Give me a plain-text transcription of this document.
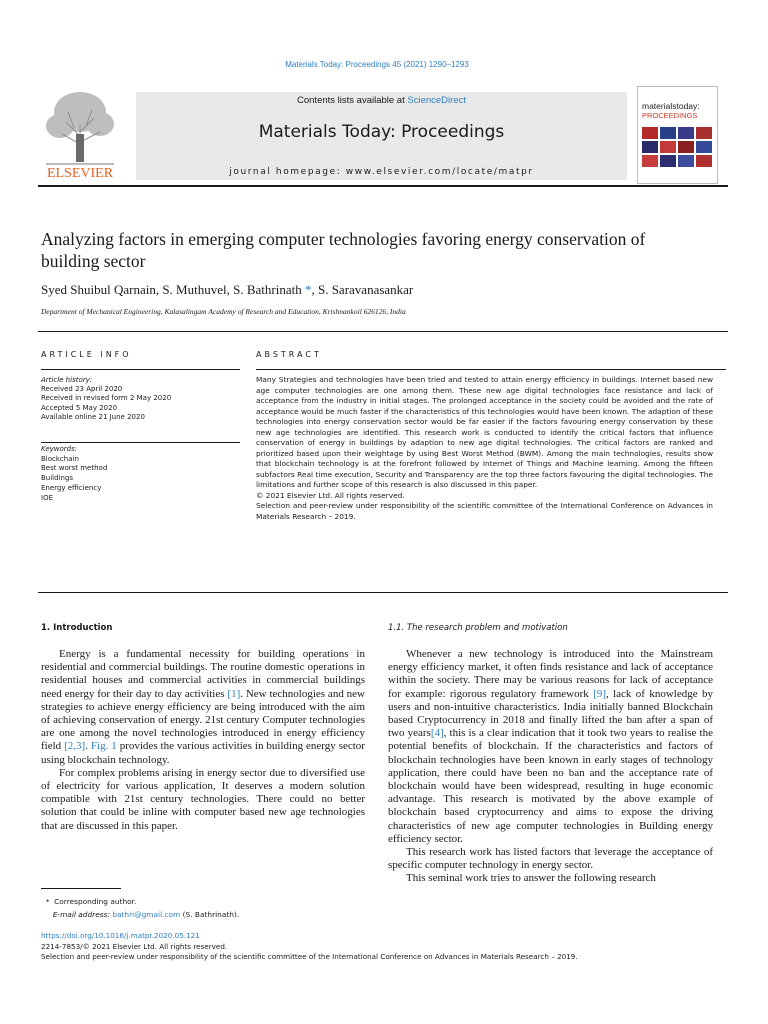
Materials Today: Proceedings 45 (2021) 1290–1293
Contents lists available at ScienceDirect
Materials Today: Proceedings
journal homepage: www.elsevier.com/locate/matpr
ELSEVIER
materialstoday:
PROCEEDINGS
Analyzing factors in emerging computer technologies favoring energy conservation of building sector
Syed Shuibul Qarnain, S. Muthuvel, S. Bathrinath *, S. Saravanasankar
Department of Mechanical Engineering, Kalasalingam Academy of Research and Education, Krishnankoil 626126, India
ARTICLE INFO	ABSTRACT
Article history:
Received 23 April 2020
Received in revised form 2 May 2020
Accepted 5 May 2020
Available online 21 June 2020
Keywords:
Blockchain
Best worst method
Buildings
Energy efficiency
IOE
Many Strategies and technologies have been tried and tested to attain energy efficiency in buildings. Internet based new age computer technologies are one among them. These new age digital technologies face resistance and lack of acceptance from the industry in initial stages. The prolonged acceptance in the society could be avoided and the rate of acceptance would be much faster if the characteristics of this technologies would have been known. The adaption of these technologies into energy conservation sector would be far easier if the factors favouring energy conservation by these new age technologies are identified. This research work is conducted to identify the critical factors that influence conservation of energy in buildings by adaption to new age digital technologies. The critical factors are ranked and prioritized based upon their weightage by using Best Worst Method (BWM). Among the main technologies, results show that blockchain technology is at the forefront followed by Internet of Things and Machine learning. Among the fifteen subfactors Real time execution, Security and Transparency are the top three factors favouring the digital technologies. The limitations and further scope of this research is also discussed in this paper.
© 2021 Elsevier Ltd. All rights reserved.
Selection and peer-review under responsibility of the scientific committee of the International Conference on Advances in Materials Research – 2019.
1. Introduction	1.1. The research problem and motivation

Energy is a fundamental necessity for building operations in residential and commercial buildings. The routine domestic operations in residential houses and commercial activities in commercial buildings need energy for their day to day activities [1]. New technologies and new strategies to achieve energy efficiency are being introduced with the aim of achieving conservation of energy. 21st century Computer technologies are one among the novel technologies introduced in energy efficiency field [2,3]. Fig. 1 provides the various activities in building energy sector using blockchain technology.

For complex problems arising in energy sector due to diversified use of electricity for various application, It deserves a modern solution compatible with 21st century technologies. There could no better solution that could be inline with computer based new age technologies that are discussed in this paper.

Whenever a new technology is introduced into the Mainstream energy efficiency market, it often finds resistance and lack of acceptance within the society. There may be various reasons for lack of acceptance for example: rigorous regulatory framework [9], lack of knowledge by users and non-intuitive characteristics. India initially banned Blockchain based Cryptocurrency in 2018 and finally lifted the ban after a span of two years[4], this is a clear indication that it took two years to realise the potential benefits of blockchain. If the characteristics and factors of blockchain technologies have been known in early stages of technology application, there could have been no ban and the acceptance rate of blockchain would have been widespread, resulting in huge economic advantage. This research is motivated by the above example of blockchain based cryptocurrency and aims to expose the driving characteristics of new age computer technologies in Building energy efficiency sector.

This research work has listed factors that leverage the acceptance of specific computer technology in energy sector.

This seminal work tries to answer the following research

* Corresponding author.
E-mail address: bathri@gmail.com (S. Bathrinath).
https://doi.org/10.1016/j.matpr.2020.05.121
2214-7853/© 2021 Elsevier Ltd. All rights reserved.
Selection and peer-review under responsibility of the scientific committee of the International Conference on Advances in Materials Research – 2019.
